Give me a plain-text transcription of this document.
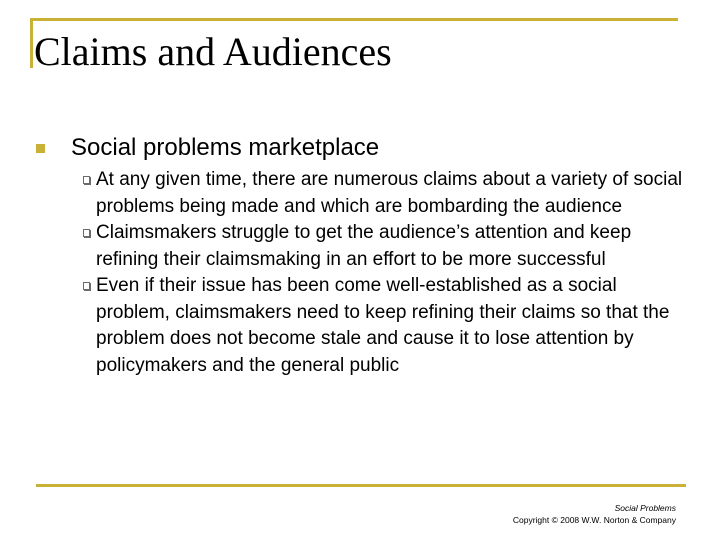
Claims and Audiences
Social problems marketplace
At any given time, there are numerous claims about a variety of social problems being made and which are bombarding the audience
Claimsmakers struggle to get the audience’s attention and keep refining their claimsmaking in an effort to be more successful
Even if their issue has been come well-established as a social problem, claimsmakers need to keep refining their claims so that the problem does not become stale and cause it to lose attention by policymakers and the general public
Social Problems
Copyright © 2008 W.W. Norton & Company
